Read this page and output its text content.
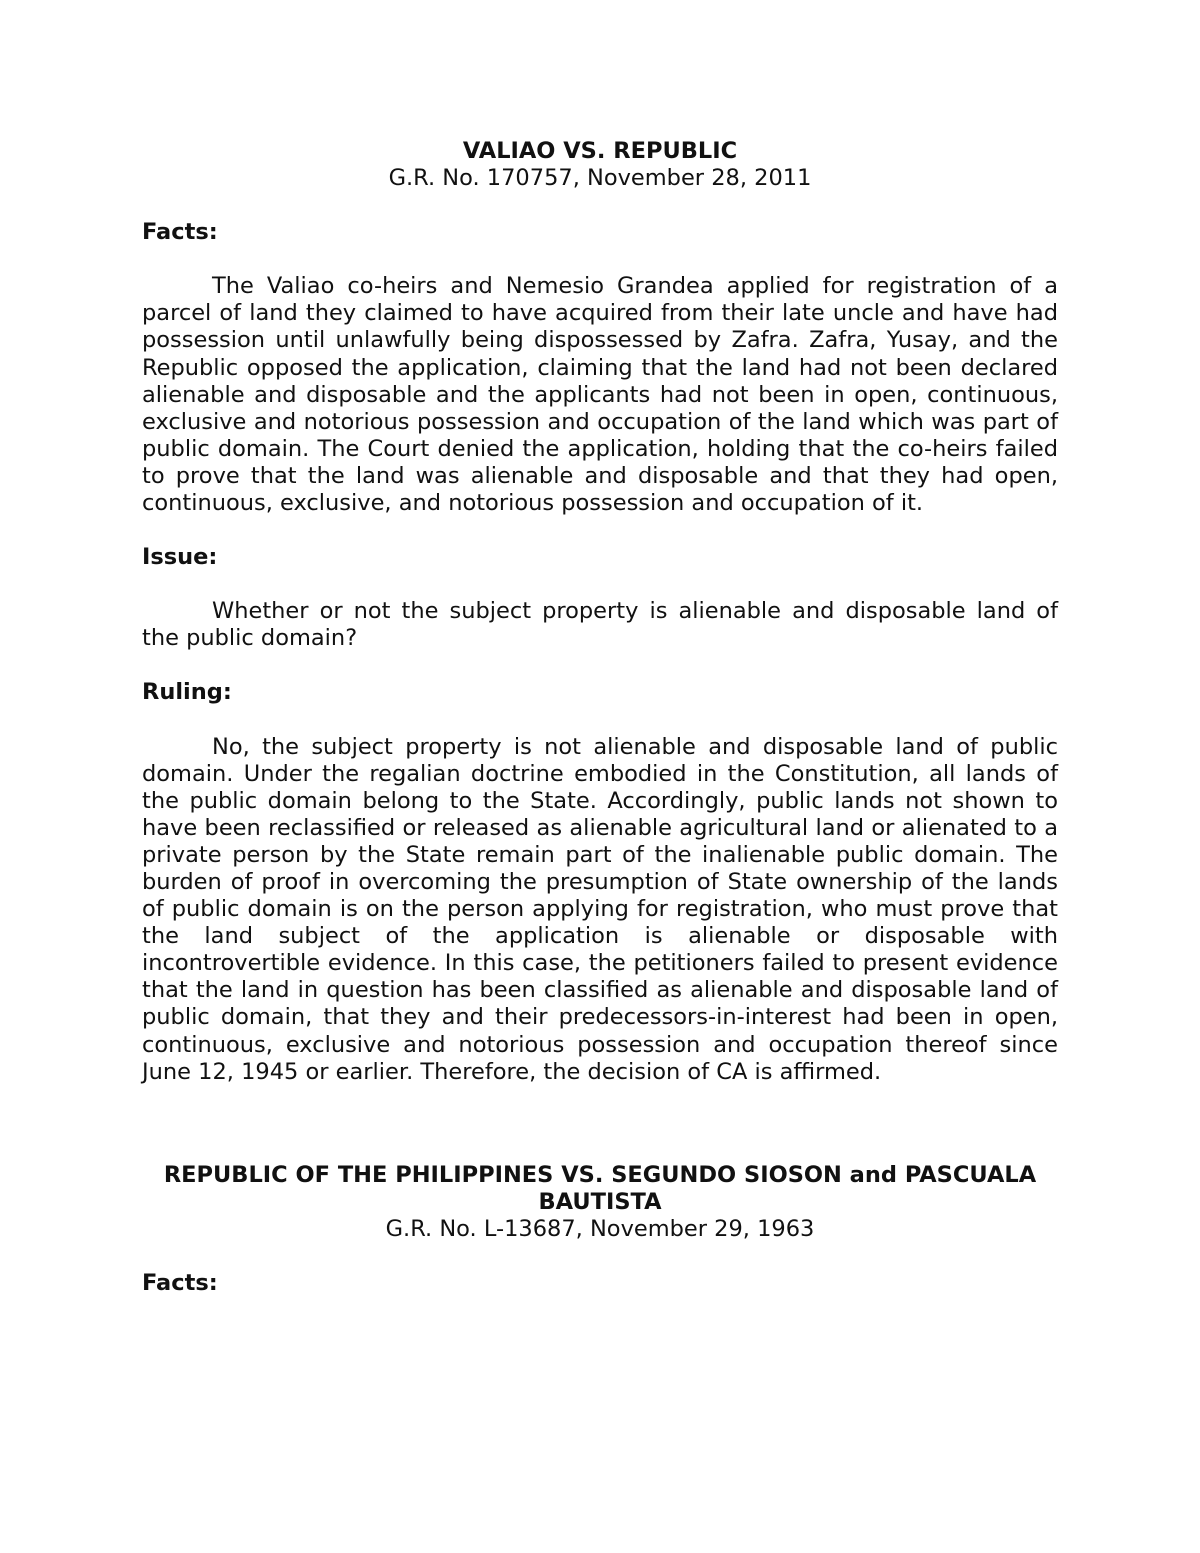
VALIAO VS. REPUBLIC

G.R. No. 170757, November 28, 2011

Facts:

The Valiao co-heirs and Nemesio Grandea applied for registration of a parcel of land they claimed to have acquired from their late uncle and have had possession until unlawfully being dispossessed by Zafra. Zafra, Yusay, and the Republic opposed the application, claiming that the land had not been declared alienable and disposable and the applicants had not been in open, continuous, exclusive and notorious possession and occupation of the land which was part of public domain. The Court denied the application, holding that the co-heirs failed to prove that the land was alienable and disposable and that they had open, continuous, exclusive, and notorious possession and occupation of it.

Issue:

Whether or not the subject property is alienable and disposable land of the public domain?

Ruling:

No, the subject property is not alienable and disposable land of public domain. Under the regalian doctrine embodied in the Constitution, all lands of the public domain belong to the State. Accordingly, public lands not shown to have been reclassified or released as alienable agricultural land or alienated to a private person by the State remain part of the inalienable public domain. The burden of proof in overcoming the presumption of State ownership of the lands of public domain is on the person applying for registration, who must prove that the land subject of the application is alienable or disposable with incontrovertible evidence. In this case, the petitioners failed to present evidence that the land in question has been classified as alienable and disposable land of public domain, that they and their predecessors-in-interest had been in open, continuous, exclusive and notorious possession and occupation thereof since June 12, 1945 or earlier. Therefore, the decision of CA is affirmed.

REPUBLIC OF THE PHILIPPINES VS. SEGUNDO SIOSON and PASCUALA BAUTISTA

G.R. No. L-13687, November 29, 1963

Facts:
